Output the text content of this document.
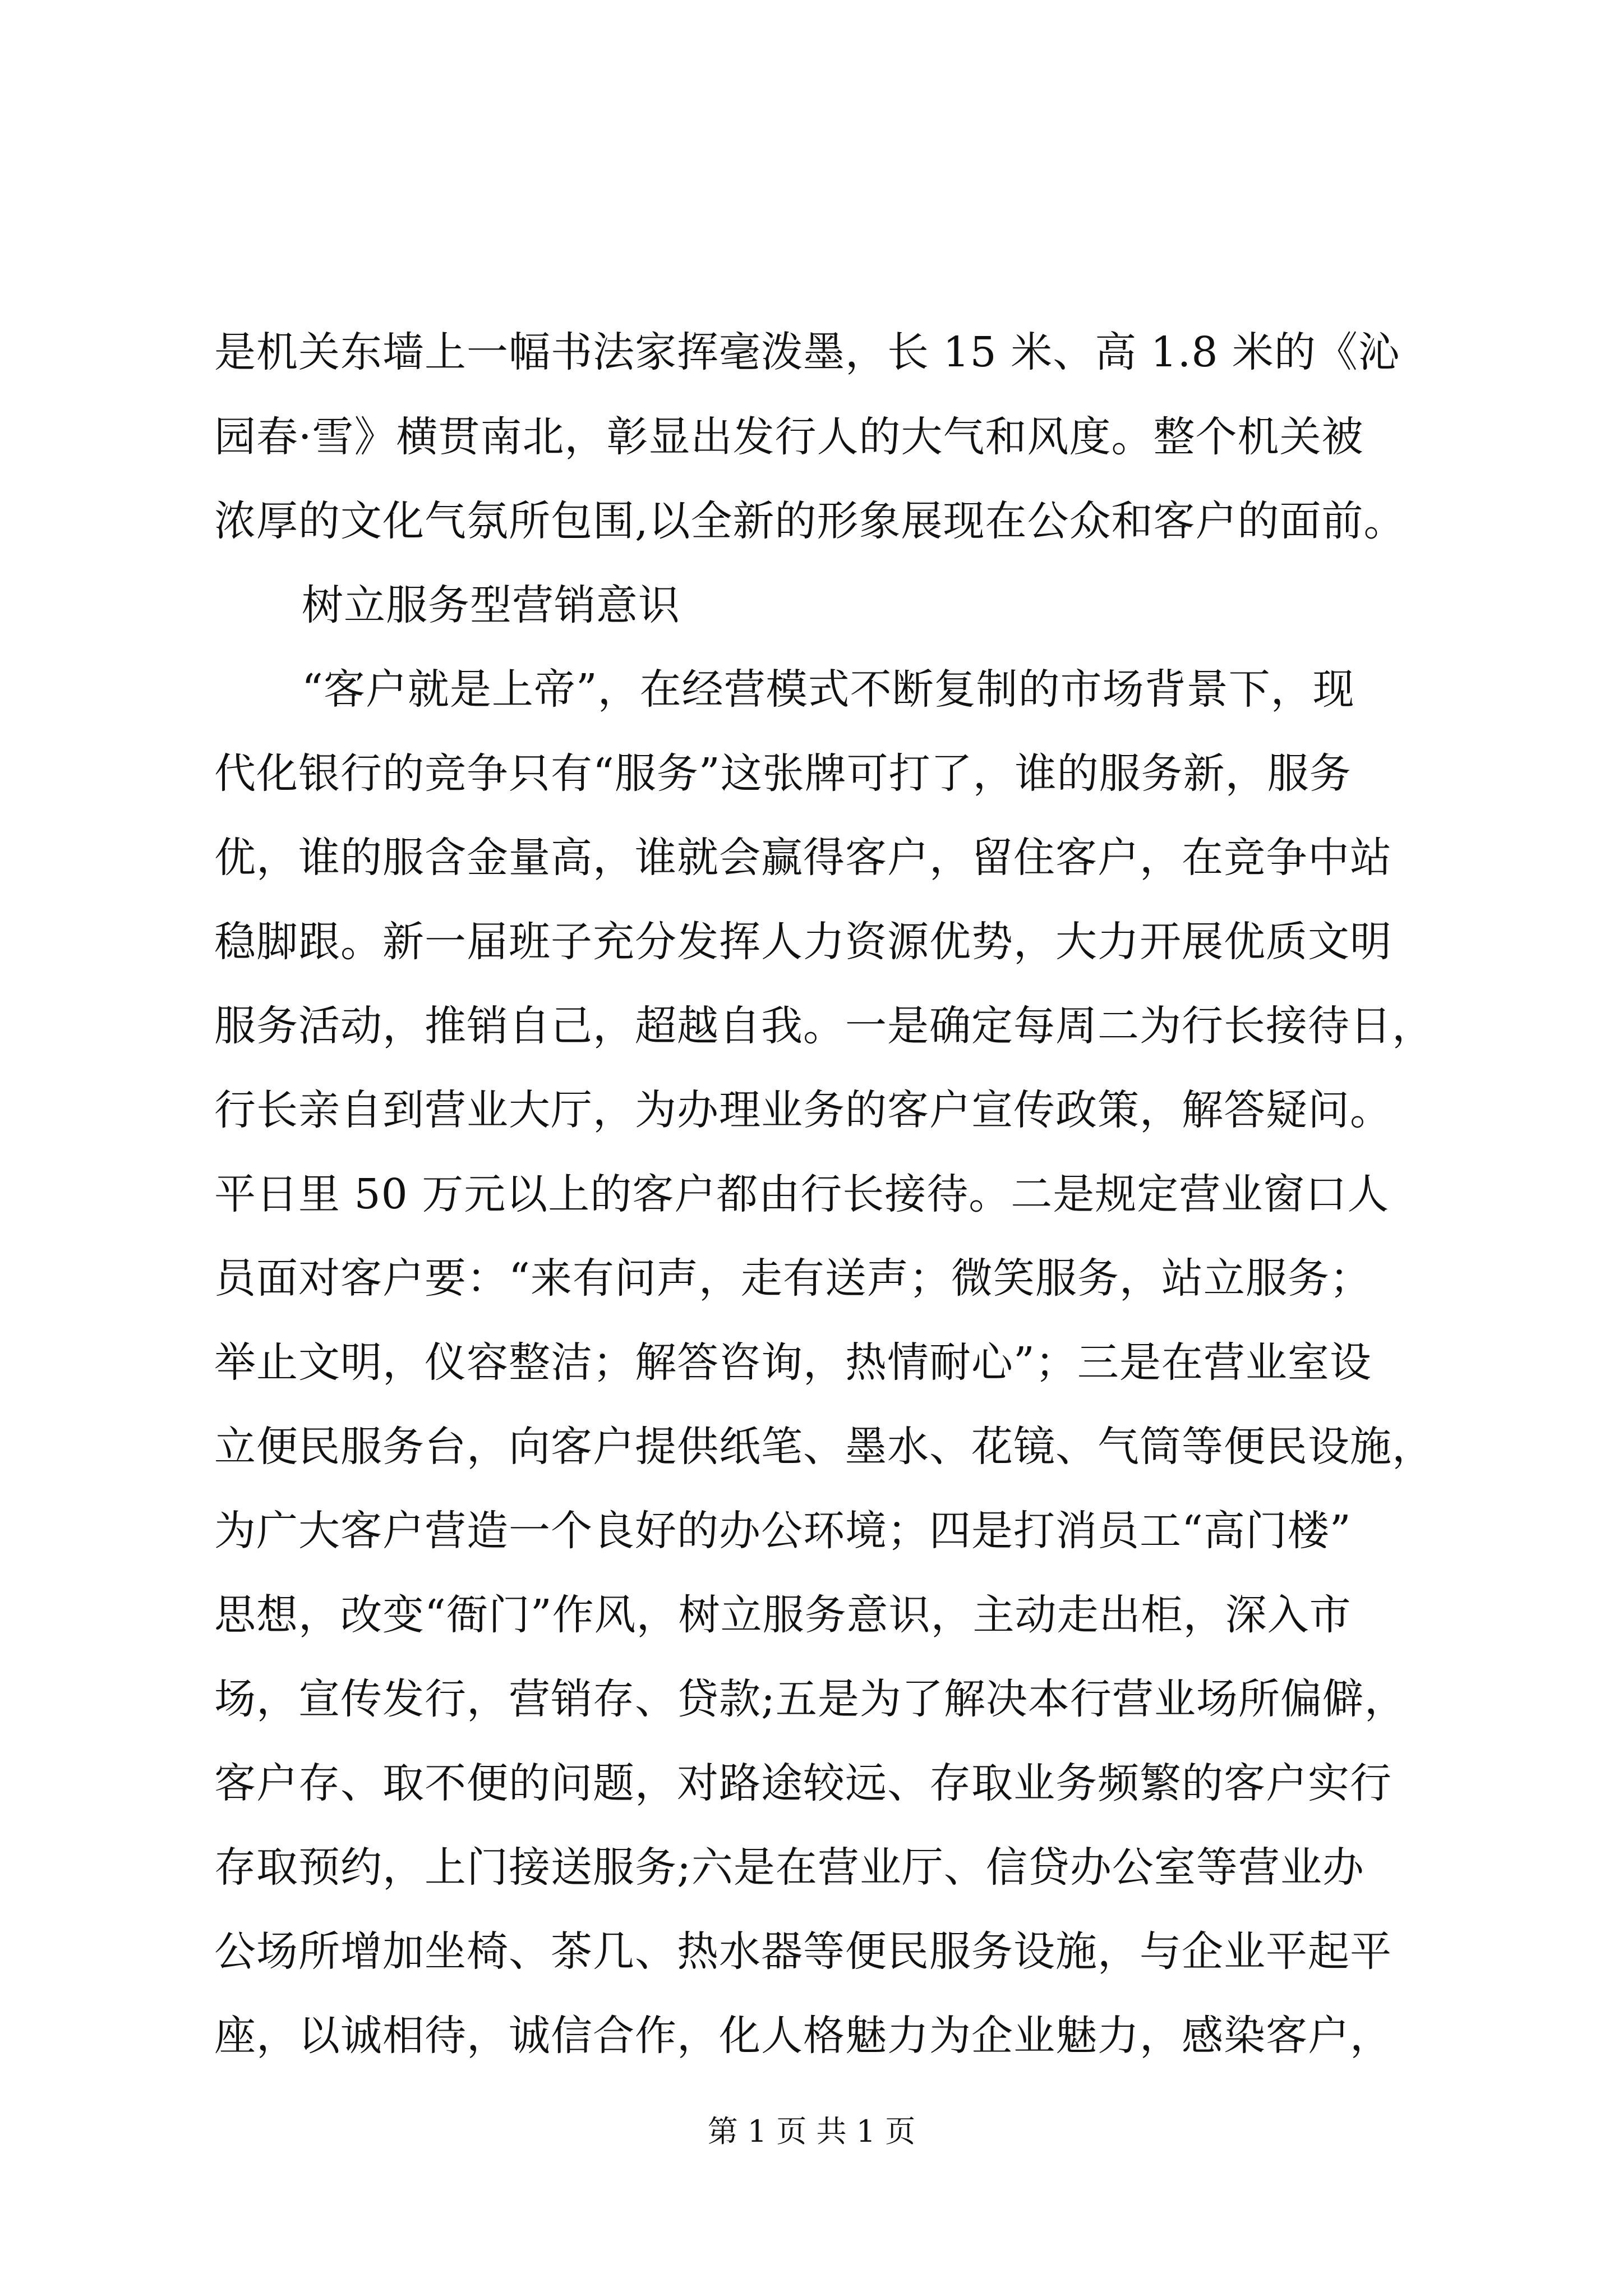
是机关东墙上一幅书法家挥毫泼墨，长 15 米、高 1.8 米的《沁
园春·雪》横贯南北，彰显出发行人的大气和风度。整个机关被
浓厚的文化气氛所包围,以全新的形象展现在公众和客户的面前。
树立服务型营销意识
“客户就是上帝”，在经营模式不断复制的市场背景下，现
代化银行的竞争只有“服务”这张牌可打了，谁的服务新，服务
优，谁的服含金量高，谁就会赢得客户，留住客户，在竞争中站
稳脚跟。新一届班子充分发挥人力资源优势，大力开展优质文明
服务活动，推销自己，超越自我。一是确定每周二为行长接待日，
行长亲自到营业大厅，为办理业务的客户宣传政策，解答疑问。
平日里 50 万元以上的客户都由行长接待。二是规定营业窗口人
员面对客户要：“来有问声，走有送声；微笑服务，站立服务；
举止文明，仪容整洁；解答咨询，热情耐心”；三是在营业室设
立便民服务台，向客户提供纸笔、墨水、花镜、气筒等便民设施，
为广大客户营造一个良好的办公环境；四是打消员工“高门楼”
思想，改变“衙门”作风，树立服务意识，主动走出柜，深入市
场，宣传发行，营销存、贷款;五是为了解决本行营业场所偏僻，
客户存、取不便的问题，对路途较远、存取业务频繁的客户实行
存取预约，上门接送服务;六是在营业厅、信贷办公室等营业办
公场所增加坐椅、茶几、热水器等便民服务设施，与企业平起平
座，以诚相待，诚信合作，化人格魅力为企业魅力，感染客户，
第 1 页 共 1 页
